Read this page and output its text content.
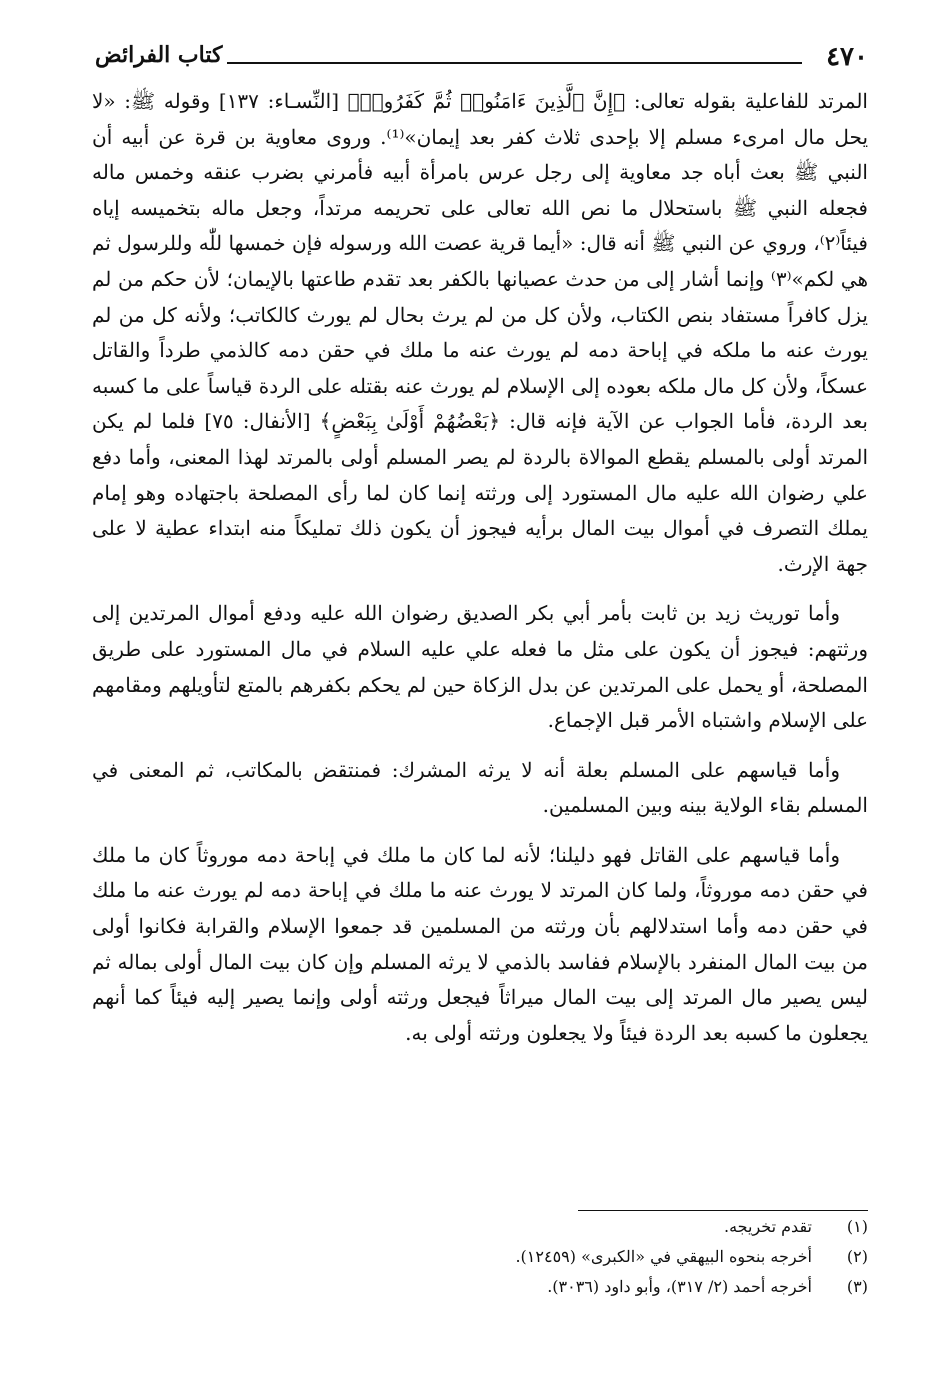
٤٧٠
كتاب الفرائض

المرتد للفاعلية بقوله تعالى: ﴿إِنَّ ٱلَّذِينَ ءَامَنُوا۟ ثُمَّ كَفَرُوا۟﴾ [النِّسـاء: ١٣٧] وقوله ﷺ: «لا يحل مال امرىء مسلم إلا بإحدى ثلاث كفر بعد إيمان»⁽¹⁾. وروى معاوية بن قرة عن أبيه أن النبي ﷺ بعث أباه جد معاوية إلى رجل عرس بامرأة أبيه فأمرني بضرب عنقه وخمس ماله فجعله النبي ﷺ باستحلال ما نص الله تعالى على تحريمه مرتداً، وجعل ماله بتخميسه إياه فيئاً⁽٢⁾، وروي عن النبي ﷺ أنه قال: «أيما قرية عصت الله ورسوله فإن خمسها للّٰه وللرسول ثم هي لكم»⁽٣⁾ وإنما أشار إلى من حدث عصيانها بالكفر بعد تقدم طاعتها بالإيمان؛ لأن حكم من لم يزل كافراً مستفاد بنص الكتاب، ولأن كل من لم يرث بحال لم يورث كالكاتب؛ ولأنه كل من لم يورث عنه ما ملكه في إباحة دمه لم يورث عنه ما ملك في حقن دمه كالذمي طرداً والقاتل عسكاً، ولأن كل مال ملكه بعوده إلى الإسلام لم يورث عنه بقتله على الردة قياساً على ما كسبه بعد الردة، فأما الجواب عن الآية فإنه قال: ﴿بَعْضُهُمْ أَوْلَىٰ بِبَعْضٍ﴾ [الأنفال: ٧٥] فلما لم يكن المرتد أولى بالمسلم يقطع الموالاة بالردة لم يصر المسلم أولى بالمرتد لهذا المعنى، وأما دفع علي رضوان الله عليه مال المستورد إلى ورثته إنما كان لما رأى المصلحة باجتهاده وهو إمام يملك التصرف في أموال بيت المال برأيه فيجوز أن يكون ذلك تمليكاً منه ابتداء عطية لا على جهة الإرث.

وأما توريث زيد بن ثابت بأمر أبي بكر الصديق رضوان الله عليه ودفع أموال المرتدين إلى ورثتهم: فيجوز أن يكون على مثل ما فعله علي عليه السلام في مال المستورد على طريق المصلحة، أو يحمل على المرتدين عن بدل الزكاة حين لم يحكم بكفرهم بالمتع لتأويلهم ومقامهم على الإسلام واشتباه الأمر قبل الإجماع.

وأما قياسهم على المسلم بعلة أنه لا يرثه المشرك: فمنتقض بالمكاتب، ثم المعنى في المسلم بقاء الولاية بينه وبين المسلمين.

وأما قياسهم على القاتل فهو دليلنا؛ لأنه لما كان ما ملك في إباحة دمه موروثاً كان ما ملك في حقن دمه موروثاً، ولما كان المرتد لا يورث عنه ما ملك في إباحة دمه لم يورث عنه ما ملك في حقن دمه وأما استدلالهم بأن ورثته من المسلمين قد جمعوا الإسلام والقرابة فكانوا أولى من بيت المال المنفرد بالإسلام ففاسد بالذمي لا يرثه المسلم وإن كان بيت المال أولى بماله ثم ليس يصير مال المرتد إلى بيت المال ميراثاً فيجعل ورثته أولى وإنما يصير إليه فيئاً كما أنهم يجعلون ما كسبه بعد الردة فيئاً ولا يجعلون ورثته أولى به.

(١)
تقدم تخريجه.
(٢)
أخرجه بنحوه البيهقي في «الكبرى» (١٢٤٥٩).
(٣)
أخرجه أحمد (٢/ ٣١٧)، وأبو داود (٣٠٣٦).
